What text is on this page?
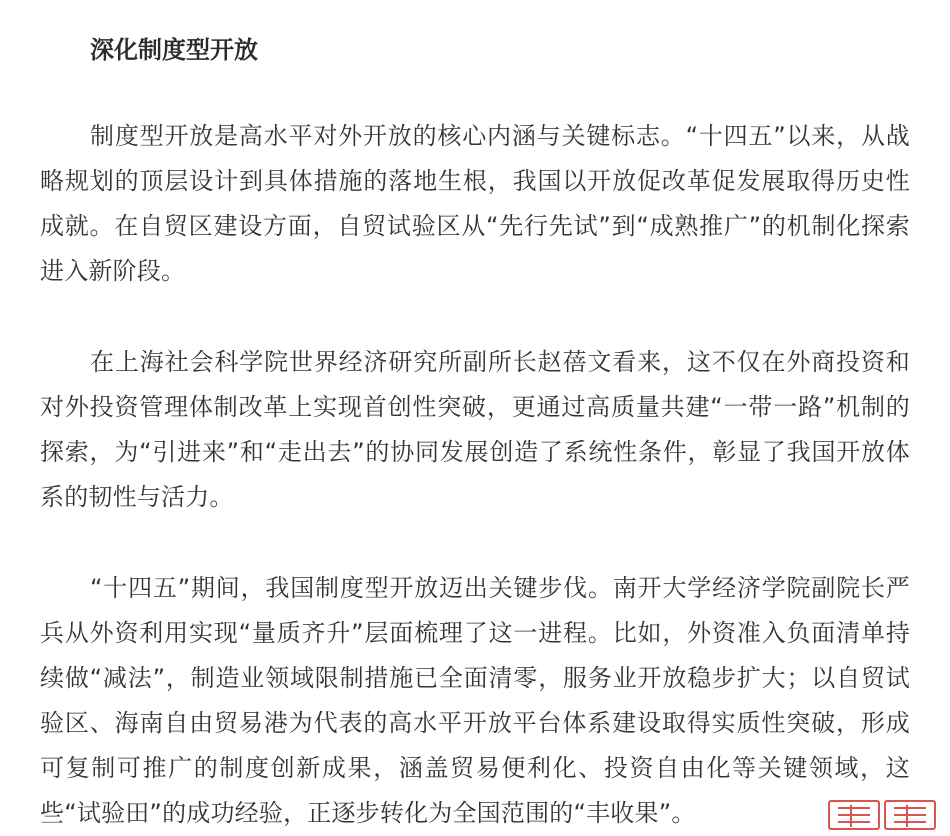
深化制度型开放

制度型开放是高水平对外开放的核心内涵与关键标志。“十四五”以来，从战略规划的顶层设计到具体措施的落地生根，我国以开放促改革促发展取得历史性成就。在自贸区建设方面，自贸试验区从“先行先试”到“成熟推广”的机制化探索进入新阶段。

在上海社会科学院世界经济研究所副所长赵蓓文看来，这不仅在外商投资和对外投资管理体制改革上实现首创性突破，更通过高质量共建“一带一路”机制的探索，为“引进来”和“走出去”的协同发展创造了系统性条件，彰显了我国开放体系的韧性与活力。

“十四五”期间，我国制度型开放迈出关键步伐。南开大学经济学院副院长严兵从外资利用实现“量质齐升”层面梳理了这一进程。比如，外资准入负面清单持续做“减法”，制造业领域限制措施已全面清零，服务业开放稳步扩大；以自贸试验区、海南自由贸易港为代表的高水平开放平台体系建设取得实质性突破，形成可复制可推广的制度创新成果，涵盖贸易便利化、投资自由化等关键领域，这些“试验田”的成功经验，正逐步转化为全国范围的“丰收果”。
